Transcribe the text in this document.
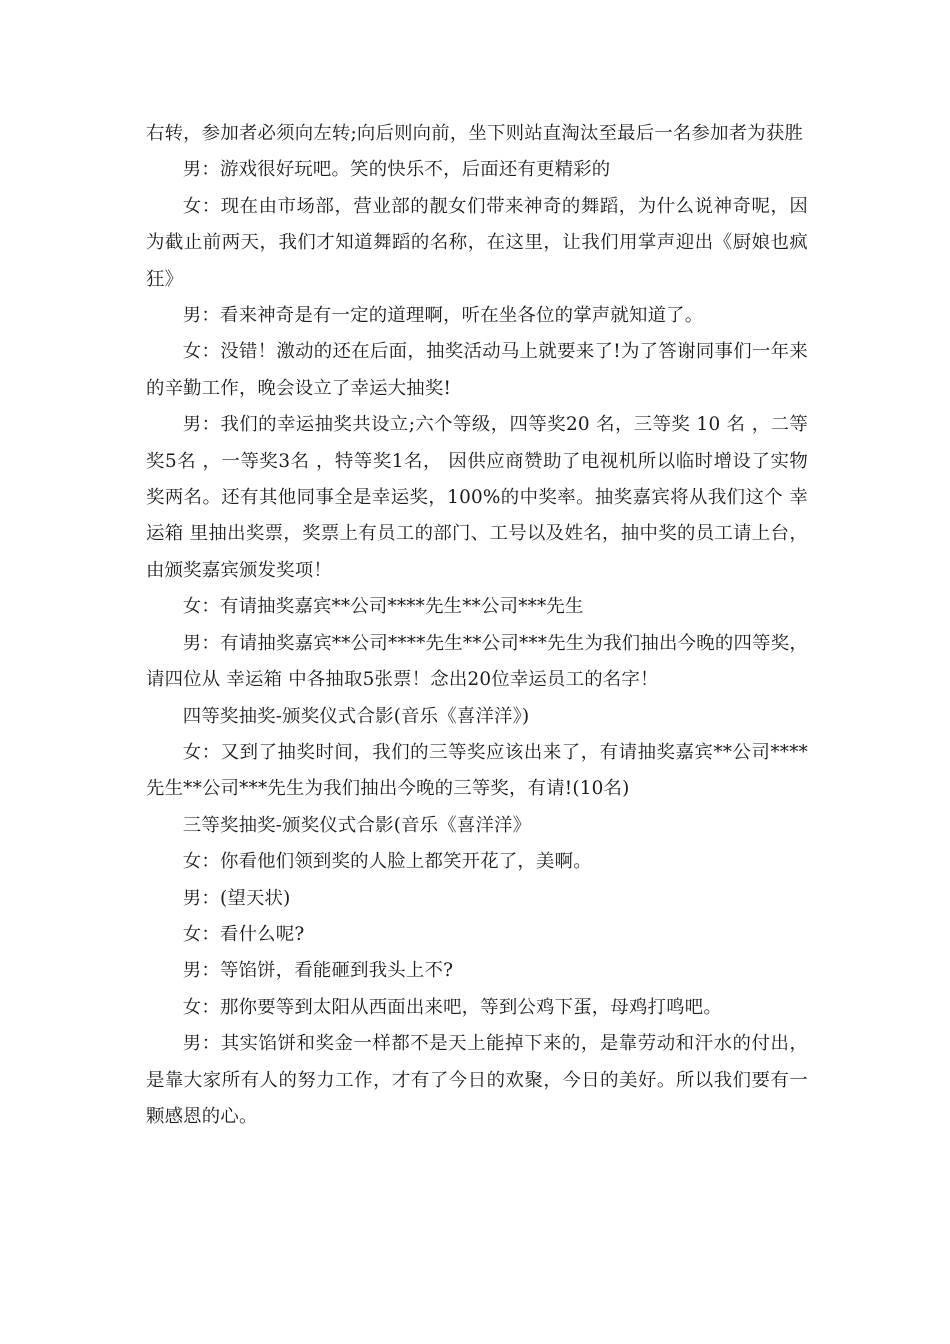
右转，参加者必须向左转;向后则向前，坐下则站直淘汰至最后一名参加者为获胜

男：游戏很好玩吧。笑的快乐不，后面还有更精彩的

女：现在由市场部，营业部的靓女们带来神奇的舞蹈，为什么说神奇呢，因为截止前两天，我们才知道舞蹈的名称，在这里，让我们用掌声迎出《厨娘也疯狂》

男：看来神奇是有一定的道理啊，听在坐各位的掌声就知道了。

女：没错！激动的还在后面，抽奖活动马上就要来了!为了答谢同事们一年来的辛勤工作，晚会设立了幸运大抽奖!

男：我们的幸运抽奖共设立;六个等级，四等奖20 名，三等奖 10 名 ，二等奖5名 ，一等奖3名 ，特等奖1名， 因供应商赞助了电视机所以临时增设了实物奖两名。还有其他同事全是幸运奖，100%的中奖率。抽奖嘉宾将从我们这个 幸运箱 里抽出奖票，奖票上有员工的部门、工号以及姓名，抽中奖的员工请上台，由颁奖嘉宾颁发奖项！

女：有请抽奖嘉宾**公司****先生**公司***先生

男：有请抽奖嘉宾**公司****先生**公司***先生为我们抽出今晚的四等奖，请四位从 幸运箱 中各抽取5张票！念出20位幸运员工的名字！

四等奖抽奖-颁奖仪式合影(音乐《喜洋洋》)

女：又到了抽奖时间，我们的三等奖应该出来了，有请抽奖嘉宾**公司****先生**公司***先生为我们抽出今晚的三等奖，有请!(10名)

三等奖抽奖-颁奖仪式合影(音乐《喜洋洋》

女：你看他们领到奖的人脸上都笑开花了，美啊。

男：(望天状)

女：看什么呢?

男：等馅饼，看能砸到我头上不?

女：那你要等到太阳从西面出来吧，等到公鸡下蛋，母鸡打鸣吧。

男：其实馅饼和奖金一样都不是天上能掉下来的，是靠劳动和汗水的付出，是靠大家所有人的努力工作，才有了今日的欢聚，今日的美好。所以我们要有一颗感恩的心。
